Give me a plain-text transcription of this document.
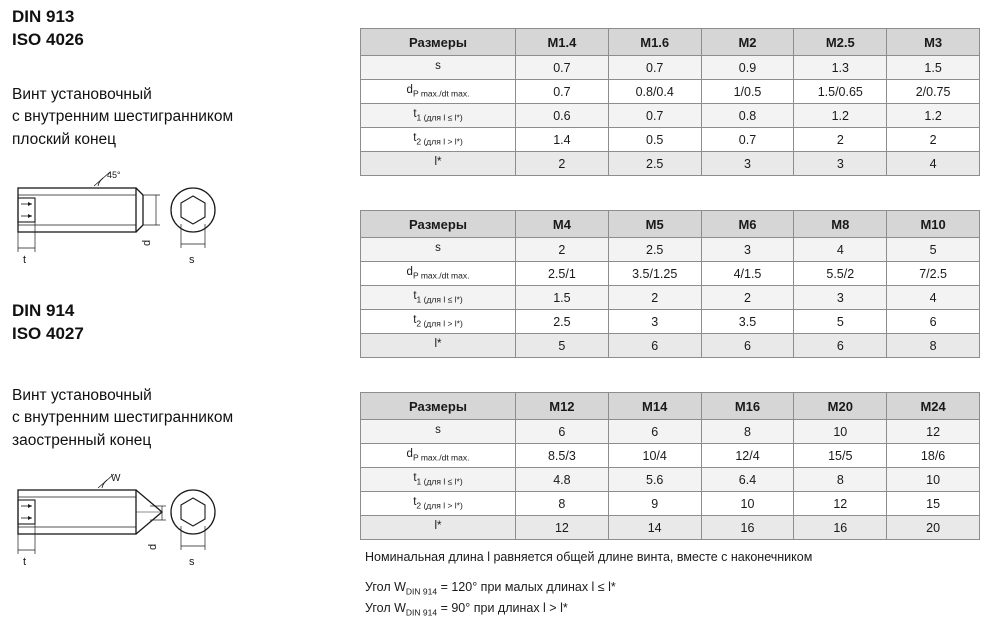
DIN 913
ISO 4026
Винт установочный
с внутренним шестигранником
плоский конец
45°
t
d
s
DIN 914
ISO 4027
Винт установочный
с внутренним шестигранником
заостренный конец
W
t
d
s
Размеры	M1.4	M1.6	M2	M2.5	M3
s	0.7	0.7	0.9	1.3	1.5
$d_{P max./dt max.}$	0.7	0.8/0.4	1/0.5	1.5/0.65	2/0.75
$t_{1 (для l \le l*)}$	0.6	0.7	0.8	1.2	1.2
$t_{2 (для l > l*)}$	1.4	0.5	0.7	2	2
l*	2	2.5	3	3	4
Размеры	M4	M5	M6	M8	M10
s	2	2.5	3	4	5
$d_{P max./dt max.}$	2.5/1	3.5/1.25	4/1.5	5.5/2	7/2.5
$t_{1 (для l \le l*)}$	1.5	2	2	3	4
$t_{2 (для l > l*)}$	2.5	3	3.5	5	6
l*	5	6	6	6	8
Размеры	M12	M14	M16	M20	M24
s	6	6	8	10	12
$d_{P max./dt max.}$	8.5/3	10/4	12/4	15/5	18/6
$t_{1 (для l \le l*)}$	4.8	5.6	6.4	8	10
$t_{2 (для l > l*)}$	8	9	10	12	15
l*	12	14	16	16	20
Номинальная длина l равняется общей длине винта, вместе с наконечником
Угол $W_{DIN 914} = 120^\circ$ при малых длинах l ≤ l*
Угол $W_{DIN 914} = 90^\circ$ при длинах l > l*
